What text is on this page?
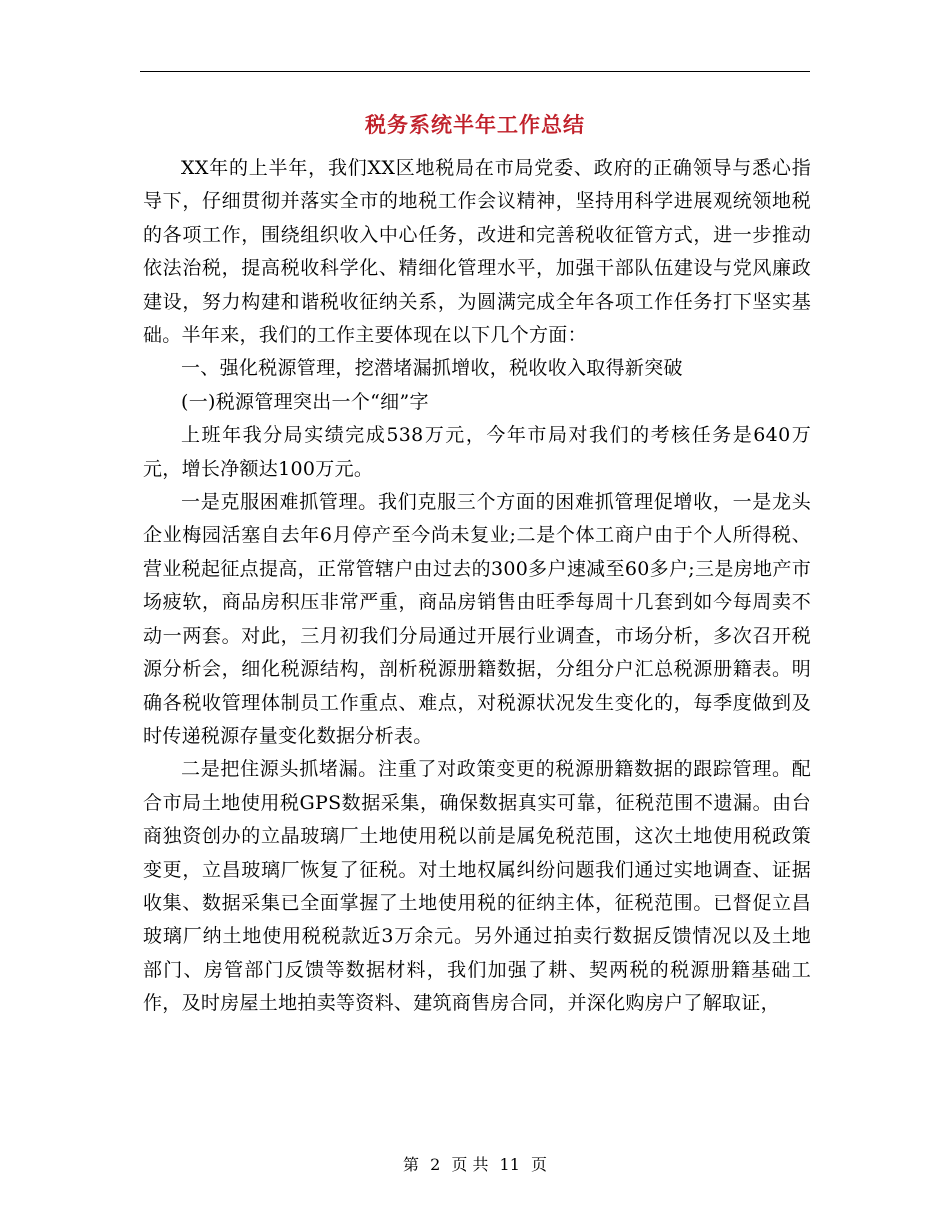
税务系统半年工作总结

XX年的上半年，我们XX区地税局在市局党委、政府的正确领导与悉心指导下，仔细贯彻并落实全市的地税工作会议精神，坚持用科学进展观统领地税的各项工作，围绕组织收入中心任务，改进和完善税收征管方式，进一步推动依法治税，提高税收科学化、精细化管理水平，加强干部队伍建设与党风廉政建设，努力构建和谐税收征纳关系，为圆满完成全年各项工作任务打下坚实基础。半年来，我们的工作主要体现在以下几个方面：

一、强化税源管理，挖潜堵漏抓增收，税收收入取得新突破

(一)税源管理突出一个“细”字

上班年我分局实绩完成538万元，今年市局对我们的考核任务是640万元，增长净额达100万元。

一是克服困难抓管理。我们克服三个方面的困难抓管理促增收，一是龙头企业梅园活塞自去年6月停产至今尚未复业;二是个体工商户由于个人所得税、营业税起征点提高，正常管辖户由过去的300多户速减至60多户;三是房地产市场疲软，商品房积压非常严重，商品房销售由旺季每周十几套到如今每周卖不动一两套。对此，三月初我们分局通过开展行业调查，市场分析，多次召开税源分析会，细化税源结构，剖析税源册籍数据，分组分户汇总税源册籍表。明确各税收管理体制员工作重点、难点，对税源状况发生变化的，每季度做到及时传递税源存量变化数据分析表。

二是把住源头抓堵漏。注重了对政策变更的税源册籍数据的跟踪管理。配合市局土地使用税GPS数据采集，确保数据真实可靠，征税范围不遗漏。由台商独资创办的立晶玻璃厂土地使用税以前是属免税范围，这次土地使用税政策变更，立昌玻璃厂恢复了征税。对土地权属纠纷问题我们通过实地调查、证据收集、数据采集已全面掌握了土地使用税的征纳主体，征税范围。已督促立昌玻璃厂纳土地使用税税款近3万余元。另外通过拍卖行数据反馈情况以及土地部门、房管部门反馈等数据材料，我们加强了耕、契两税的税源册籍基础工作，及时房屋土地拍卖等资料、建筑商售房合同，并深化购房户了解取证，

第 2 页 共 11 页
